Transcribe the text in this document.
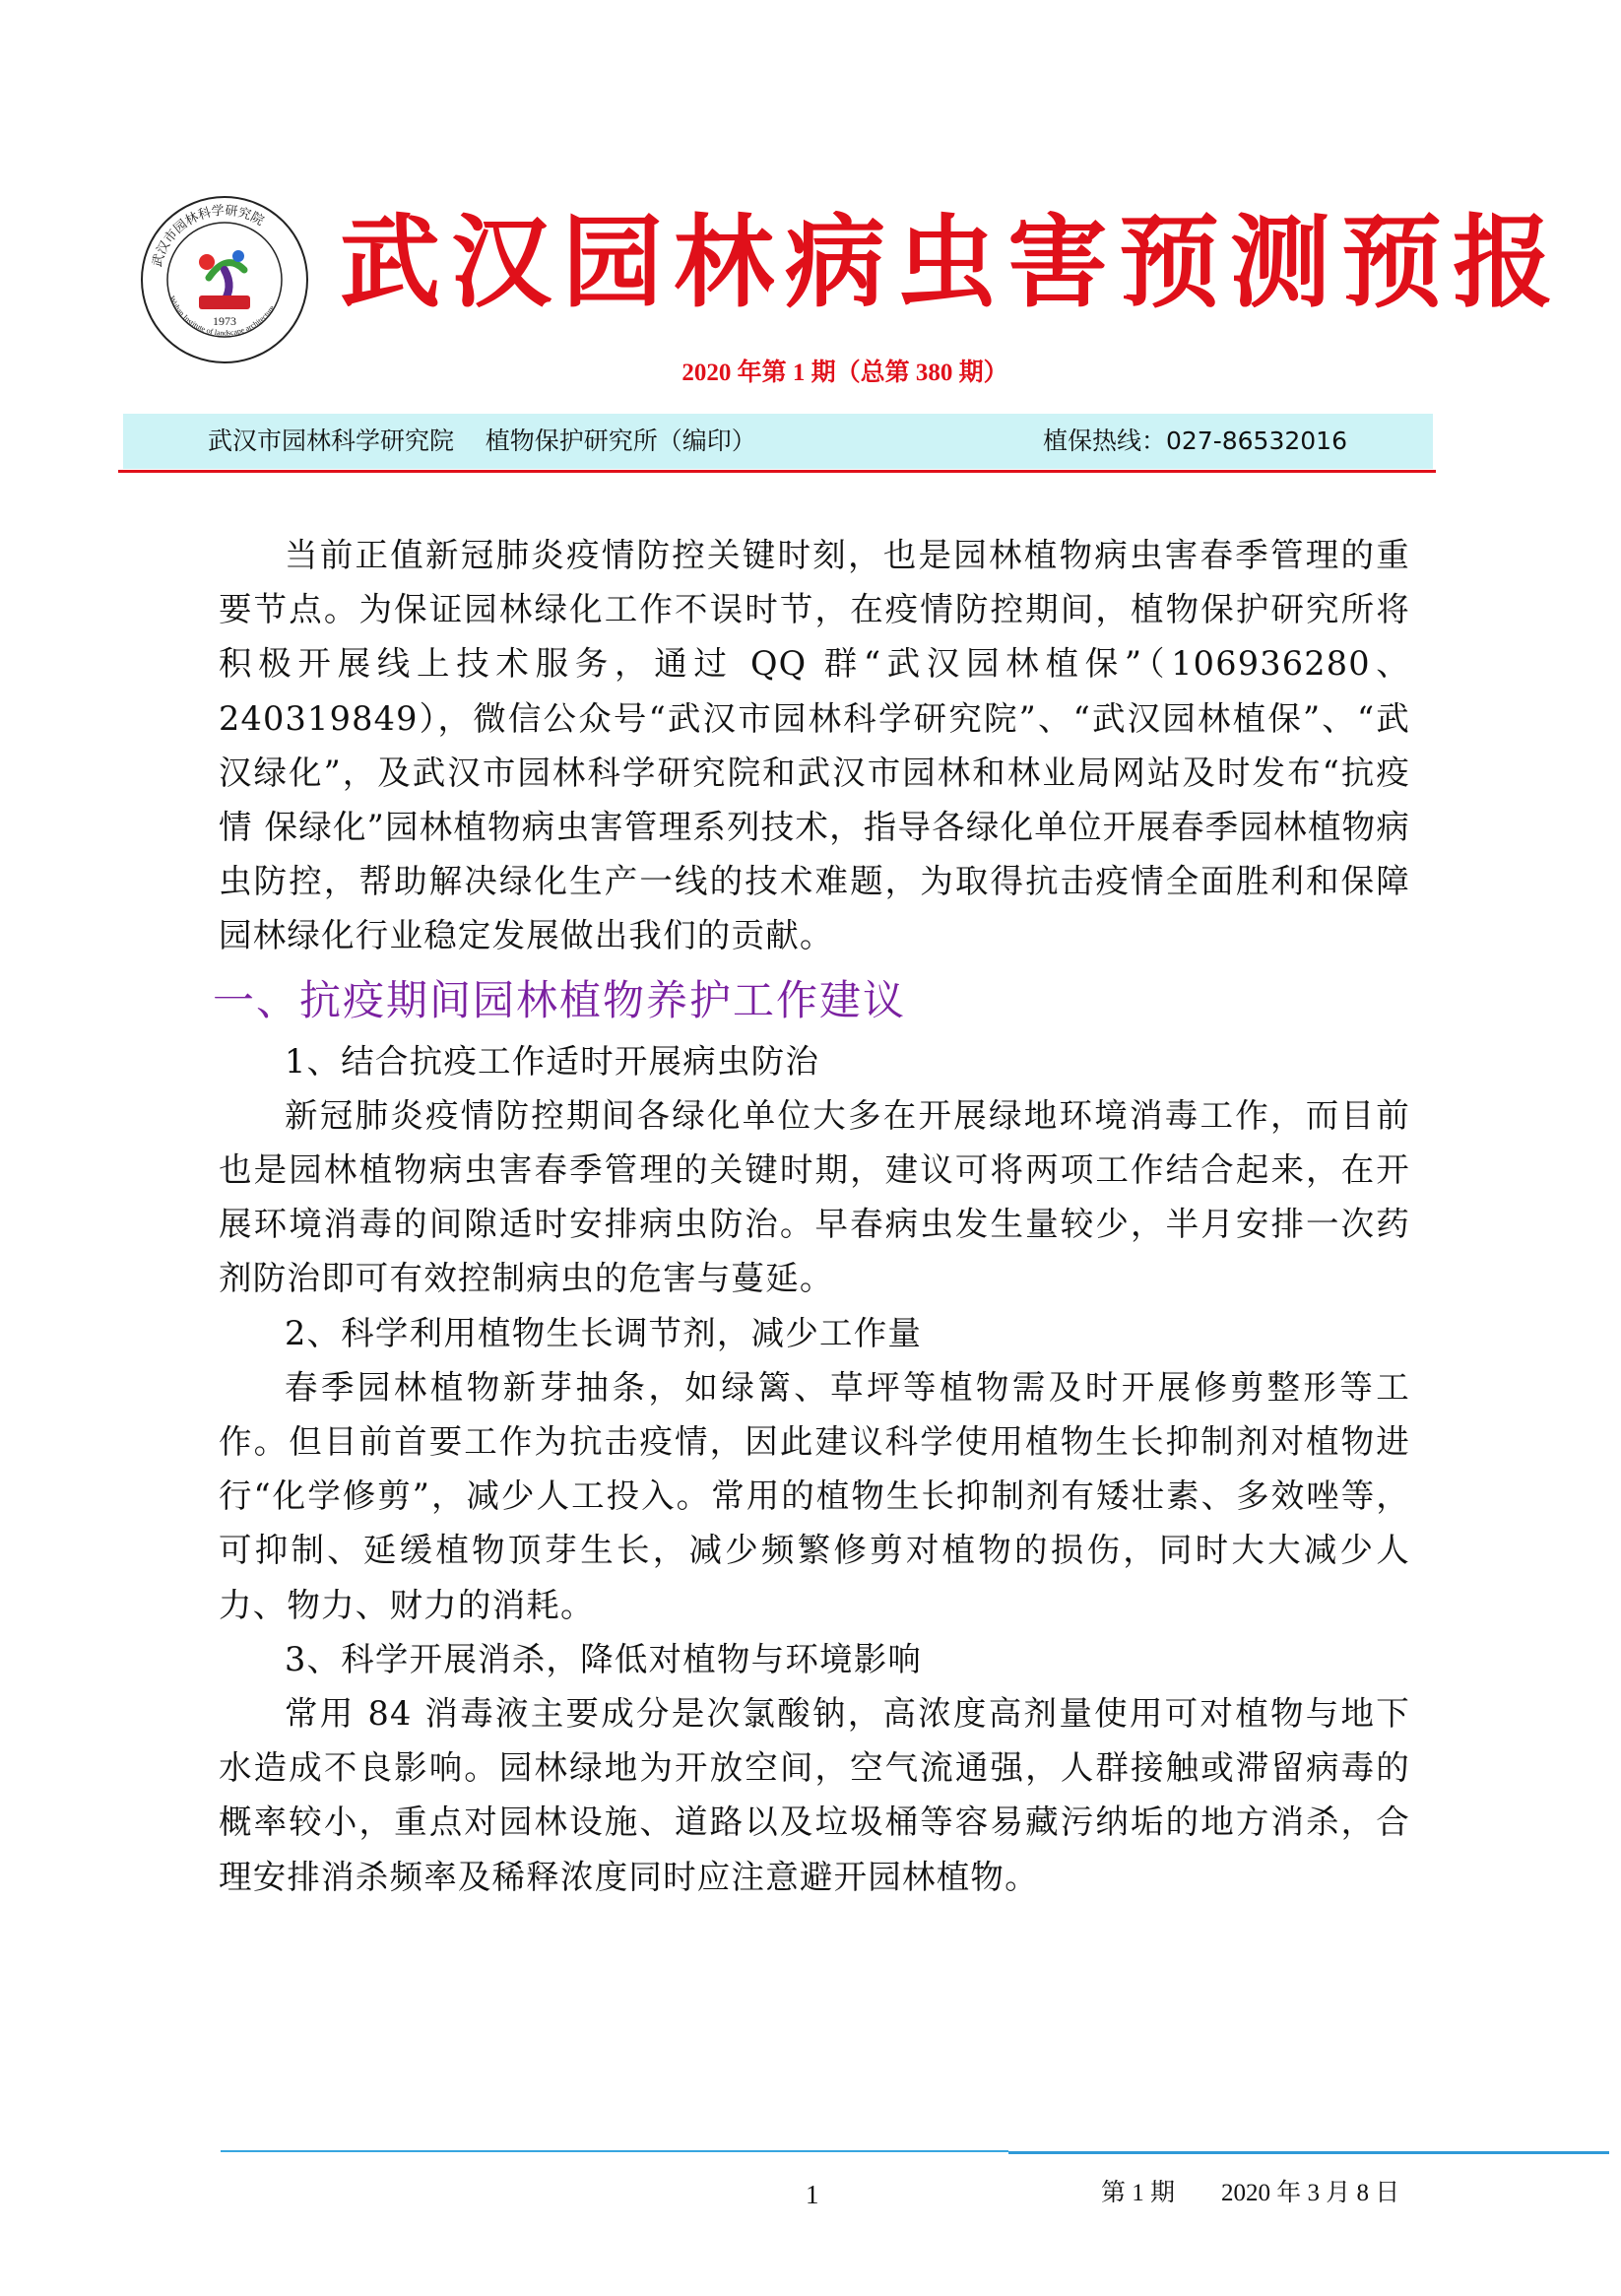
武汉市园林科学研究院
Wuhan Institute of landscape architecture
1973 武汉园林病虫害预测预报
2020 年第 1 期（总第 380 期）
武汉市园林科学研究院    植物保护研究所（编印）	植保热线：027-86532016

当前正值新冠肺炎疫情防控关键时刻，也是园林植物病虫害春季管理的重要节点。为保证园林绿化工作不误时节，在疫情防控期间，植物保护研究所将积极开展线上技术服务，通过 QQ 群“武汉园林植保”（106936280、240319849），微信公众号“武汉市园林科学研究院”、“武汉园林植保”、“武汉绿化”，及武汉市园林科学研究院和武汉市园林和林业局网站及时发布“抗疫情 保绿化”园林植物病虫害管理系列技术，指导各绿化单位开展春季园林植物病虫防控，帮助解决绿化生产一线的技术难题，为取得抗击疫情全面胜利和保障园林绿化行业稳定发展做出我们的贡献。

一、抗疫期间园林植物养护工作建议

1、结合抗疫工作适时开展病虫防治

新冠肺炎疫情防控期间各绿化单位大多在开展绿地环境消毒工作，而目前也是园林植物病虫害春季管理的关键时期，建议可将两项工作结合起来，在开展环境消毒的间隙适时安排病虫防治。早春病虫发生量较少，半月安排一次药剂防治即可有效控制病虫的危害与蔓延。

2、科学利用植物生长调节剂，减少工作量

春季园林植物新芽抽条，如绿篱、草坪等植物需及时开展修剪整形等工作。但目前首要工作为抗击疫情，因此建议科学使用植物生长抑制剂对植物进行“化学修剪”，减少人工投入。常用的植物生长抑制剂有矮壮素、多效唑等，可抑制、延缓植物顶芽生长，减少频繁修剪对植物的损伤，同时大大减少人力、物力、财力的消耗。

3、科学开展消杀，降低对植物与环境影响

常用 84 消毒液主要成分是次氯酸钠，高浓度高剂量使用可对植物与地下水造成不良影响。园林绿地为开放空间，空气流通强，人群接触或滞留病毒的概率较小，重点对园林设施、道路以及垃圾桶等容易藏污纳垢的地方消杀，合理安排消杀频率及稀释浓度同时应注意避开园林植物。

1	第 1 期 2020 年 3 月 8 日
